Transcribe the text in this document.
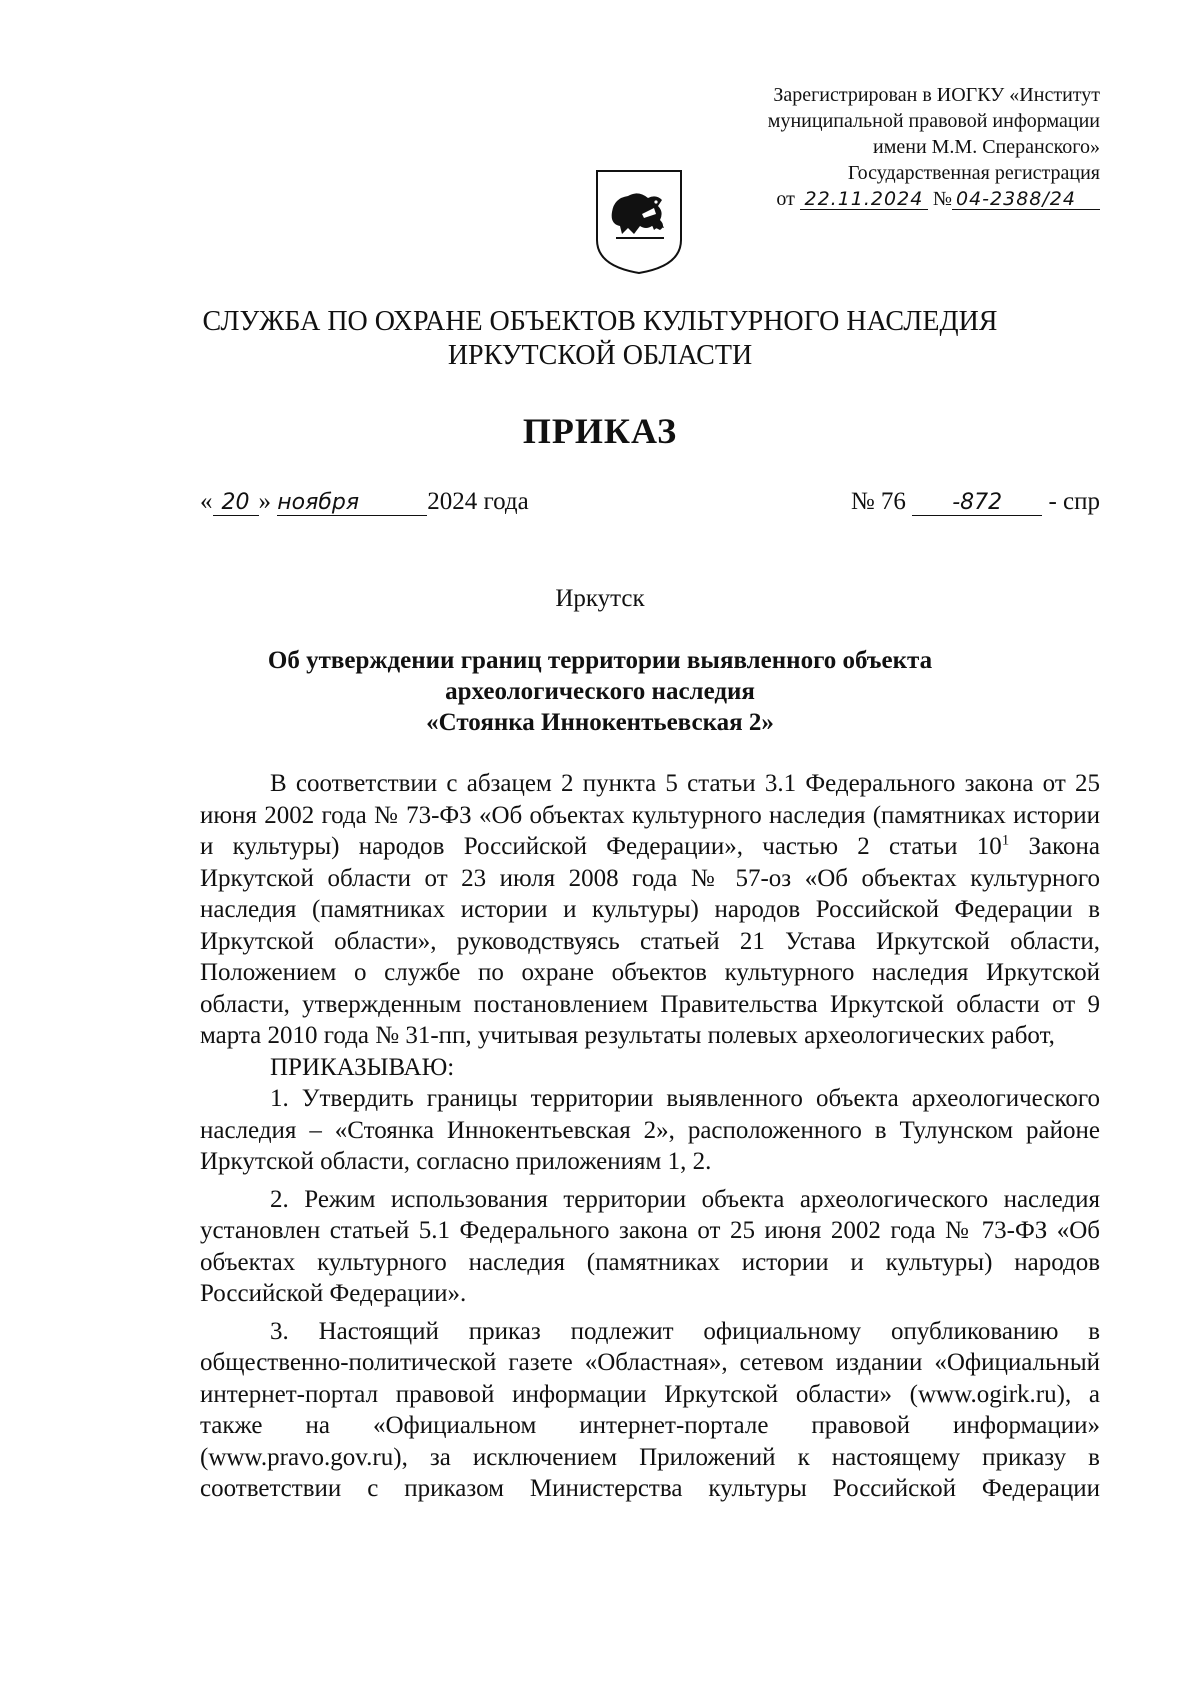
Зарегистрирован в ИОГКУ «Институт
муниципальной правовой информации
имени М.М. Сперанского»
Государственная регистрация
от 22.11.2024 № 04-2388/24
СЛУЖБА ПО ОХРАНЕ ОБЪЕКТОВ КУЛЬТУРНОГО НАСЛЕДИЯ
ИРКУТСКОЙ ОБЛАСТИ
ПРИКАЗ
« 20 » ноября	2024 года	№ 76 -872 - спр
Иркутск
Об утверждении границ территории выявленного объекта
археологического наследия
«Стоянка Иннокентьевская 2»

В соответствии с абзацем 2 пункта 5 статьи 3.1 Федерального закона от 25 июня 2002 года № 73-ФЗ «Об объектах культурного наследия (памятниках истории и культуры) народов Российской Федерации», частью 2 статьи $10^1$ Закона Иркутской области от 23 июля 2008 года № 57-оз «Об объектах культурного наследия (памятниках истории и культуры) народов Российской Федерации в Иркутской области», руководствуясь статьей 21 Устава Иркутской области, Положением о службе по охране объектов культурного наследия Иркутской области, утвержденным постановлением Правительства Иркутской области от 9 марта 2010 года № 31-пп, учитывая результаты полевых археологических работ,

ПРИКАЗЫВАЮ:

1. Утвердить границы территории выявленного объекта археологического наследия – «Стоянка Иннокентьевская 2», расположенного в Тулунском районе Иркутской области, согласно приложениям 1, 2.

2. Режим использования территории объекта археологического наследия установлен статьей 5.1 Федерального закона от 25 июня 2002 года № 73-ФЗ «Об объектах культурного наследия (памятниках истории и культуры) народов Российской Федерации».

3. Настоящий приказ подлежит официальному опубликованию в общественно-политической газете «Областная», сетевом издании «Официальный интернет-портал правовой информации Иркутской области» (www.ogirk.ru), а также на «Официальном интернет-портале правовой информации» (www.pravo.gov.ru), за исключением Приложений к настоящему приказу в соответствии с приказом Министерства культуры Российской Федерации
